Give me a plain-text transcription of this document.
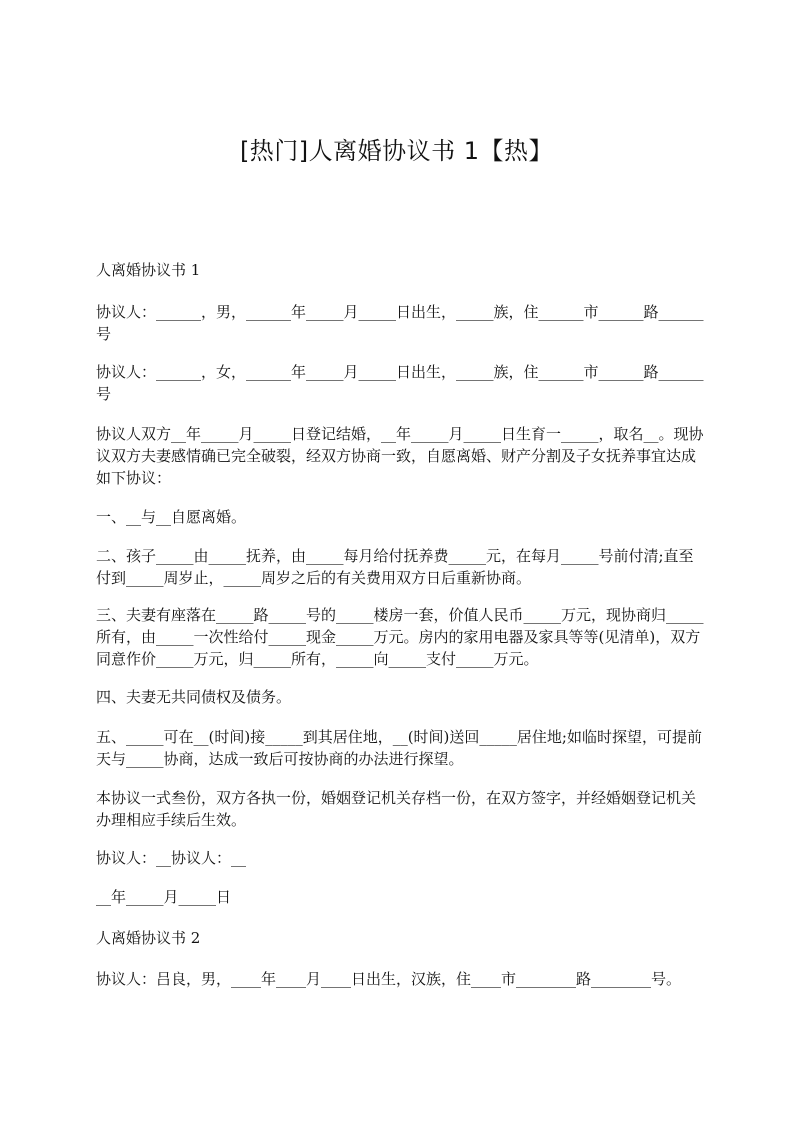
[热门]人离婚协议书 1【热】
人离婚协议书 1
协议人：______，男，______年_____月_____日出生，_____族，住______市______路______号
协议人：______，女，______年_____月_____日出生，_____族，住______市______路______号
协议人双方__年_____月_____日登记结婚，__年_____月_____日生育一_____，取名__。现协议双方夫妻感情确已完全破裂，经双方协商一致，自愿离婚、财产分割及子女抚养事宜达成如下协议：
一、__与__自愿离婚。
二、孩子_____由_____抚养，由_____每月给付抚养费_____元，在每月_____号前付清;直至付到_____周岁止，_____周岁之后的有关费用双方日后重新协商。
三、夫妻有座落在_____路_____号的_____楼房一套，价值人民币_____万元，现协商归_____所有，由_____一次性给付_____现金_____万元。房内的家用电器及家具等等(见清单)，双方同意作价_____万元，归_____所有，_____向_____支付_____万元。
四、夫妻无共同债权及债务。
五、_____可在__(时间)接_____到其居住地，__(时间)送回_____居住地;如临时探望，可提前天与_____协商，达成一致后可按协商的办法进行探望。
本协议一式叁份，双方各执一份，婚姻登记机关存档一份，在双方签字，并经婚姻登记机关办理相应手续后生效。
协议人：__协议人：__
__年_____月_____日
人离婚协议书 2
协议人：吕良，男，____年____月____日出生，汉族，住____市________路________号。
